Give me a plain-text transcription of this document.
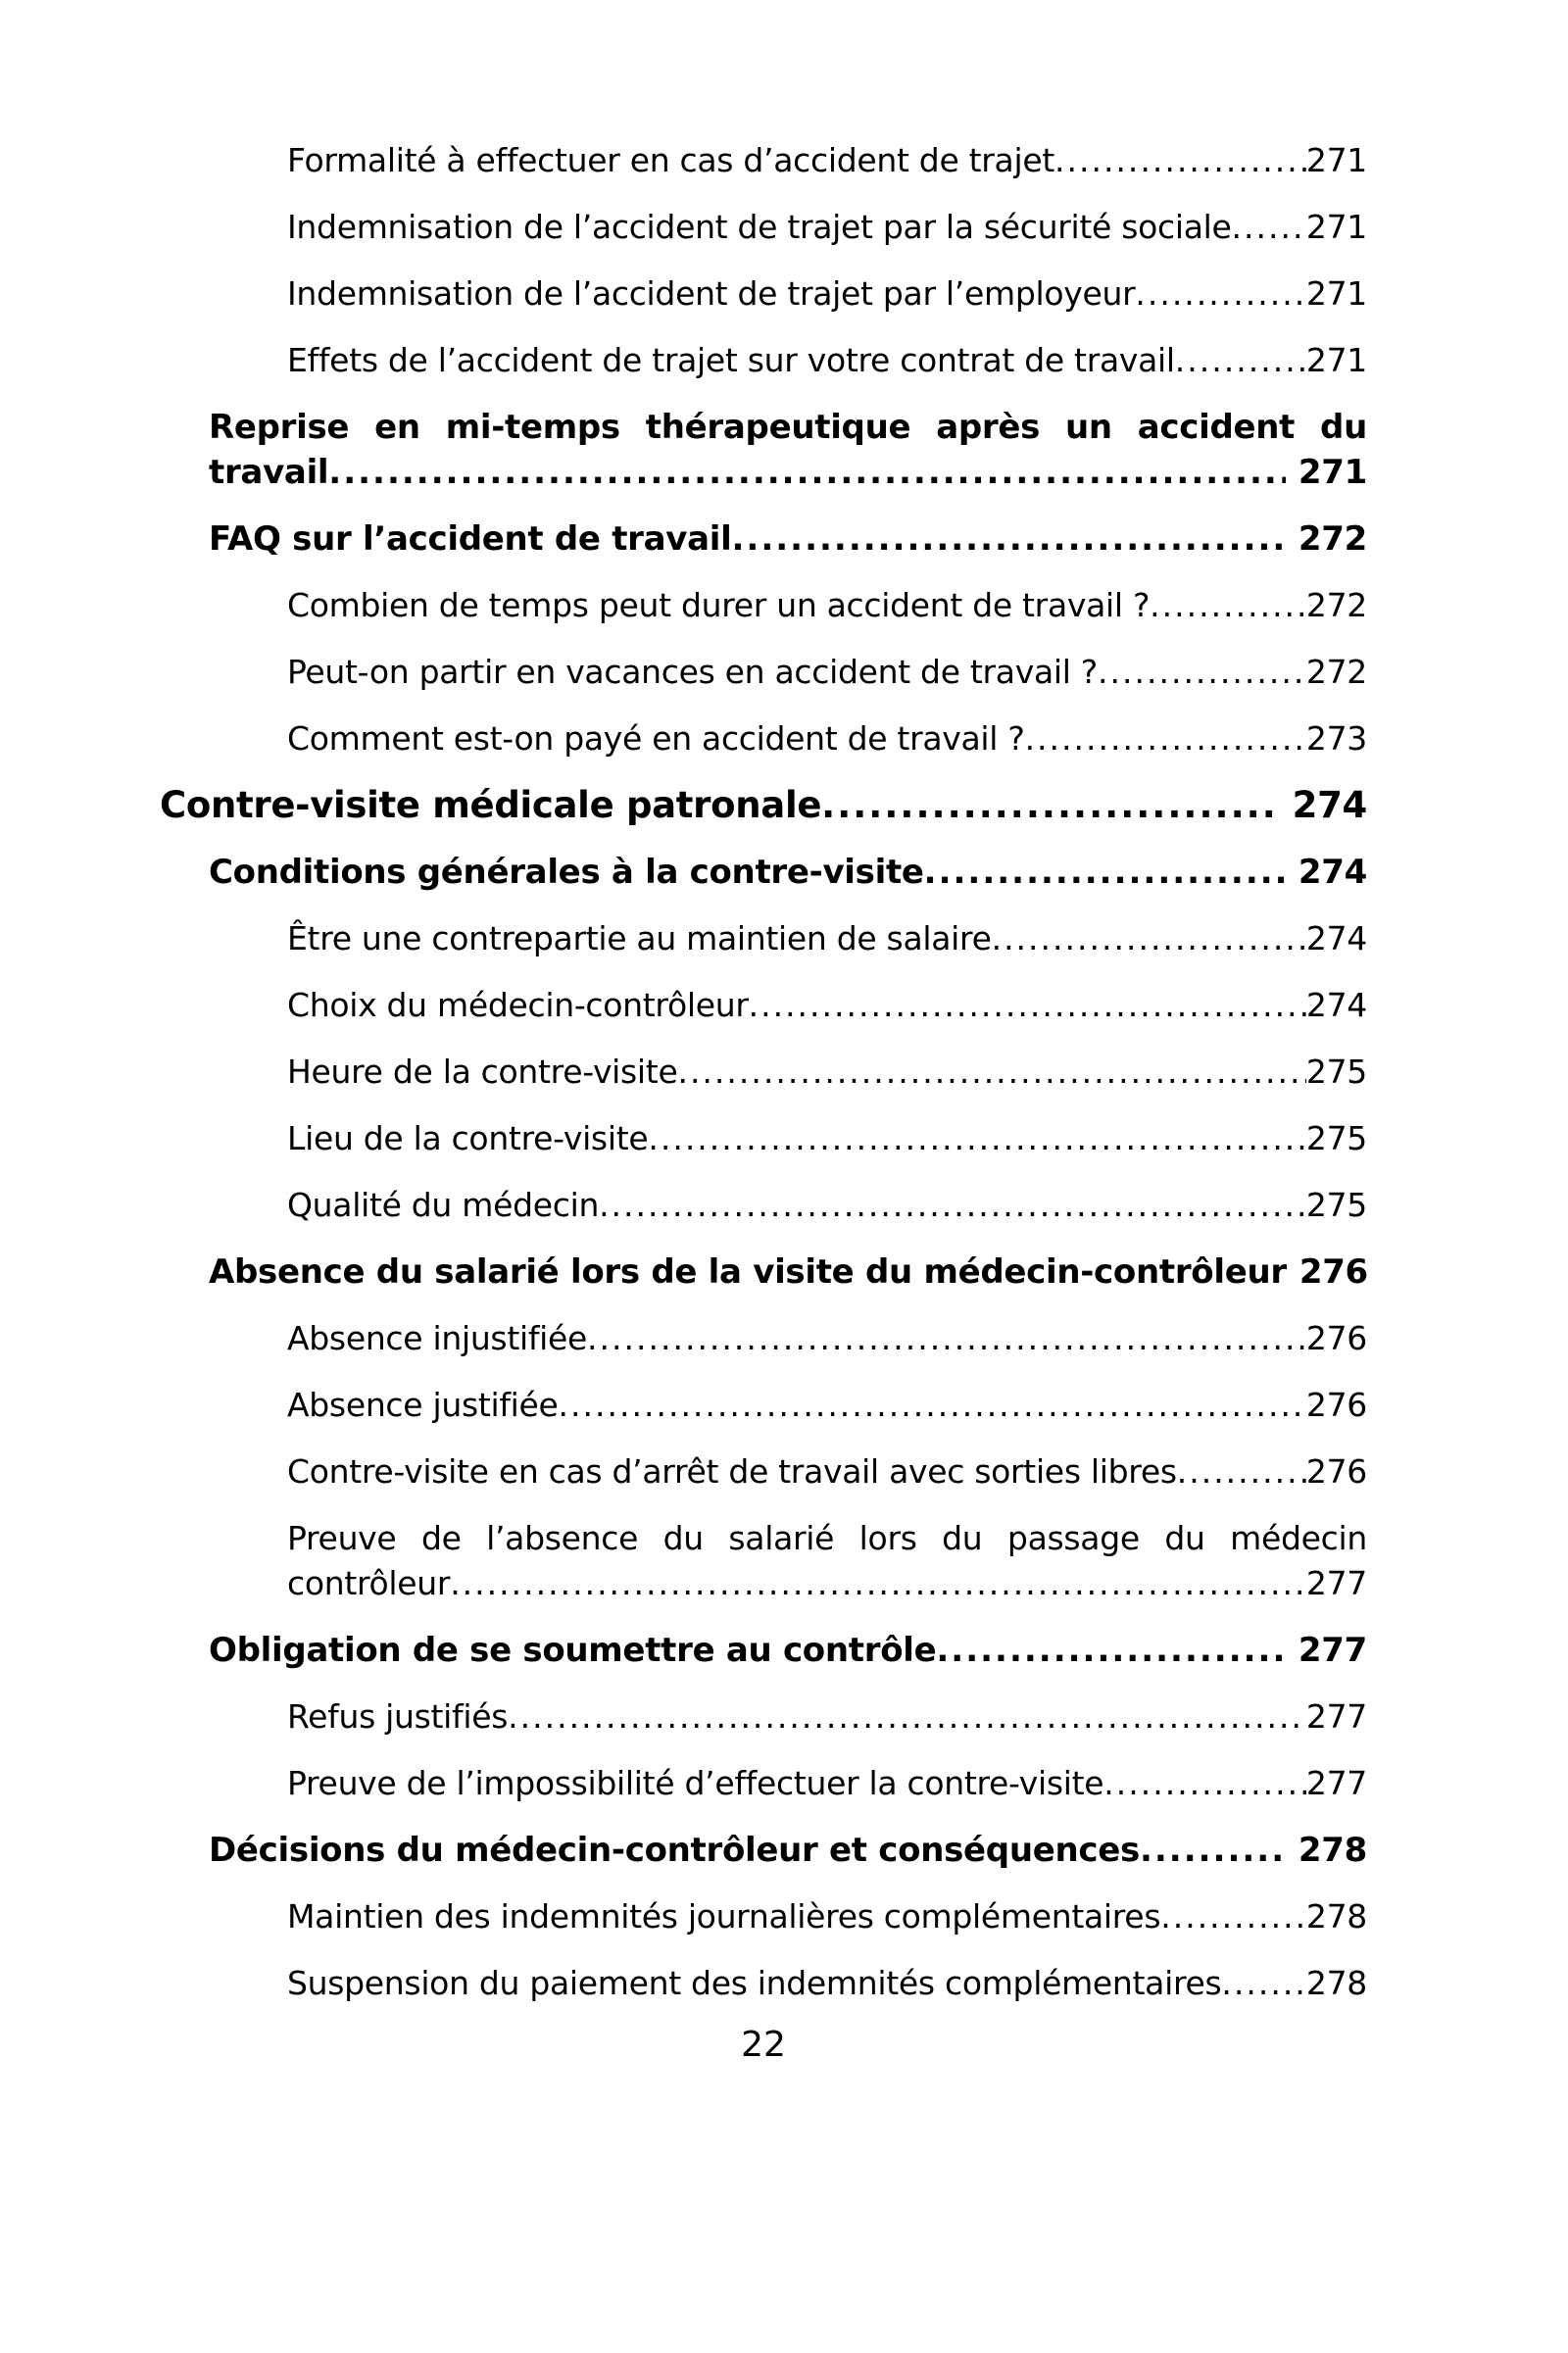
Formalité à effectuer en cas d’accident de trajet .....	271
Indemnisation de l’accident de trajet par la sécurité sociale ..... 271
Indemnisation de l’accident de trajet par l’employeur .....	271
Effets de l’accident de trajet sur votre contrat de travail .....	271
Reprise en mi-temps thérapeutique après un accident du
travail .....	271
FAQ sur l’accident de travail .....	272
Combien de temps peut durer un accident de travail ? .....	272
Peut-on partir en vacances en accident de travail ? .....	272
Comment est-on payé en accident de travail ? .....	273
Contre-visite médicale patronale .....	274
Conditions générales à la contre-visite .....	274
Être une contrepartie au maintien de salaire .....	274
Choix du médecin-contrôleur .....	274
Heure de la contre-visite .....	275
Lieu de la contre-visite .....	275
Qualité du médecin .....	275
Absence du salarié lors de la visite du médecin-contrôleur 276
Absence injustifiée .....	276
Absence justifiée .....	276
Contre-visite en cas d’arrêt de travail avec sorties libres .....	276
Preuve de l’absence du salarié lors du passage du médecin
contrôleur .....	277
Obligation de se soumettre au contrôle .....	277
Refus justifiés .....	277
Preuve de l’impossibilité d’effectuer la contre-visite .....	277
Décisions du médecin-contrôleur et conséquences .....	278
Maintien des indemnités journalières complémentaires .....	278
Suspension du paiement des indemnités complémentaires .....	278
22
